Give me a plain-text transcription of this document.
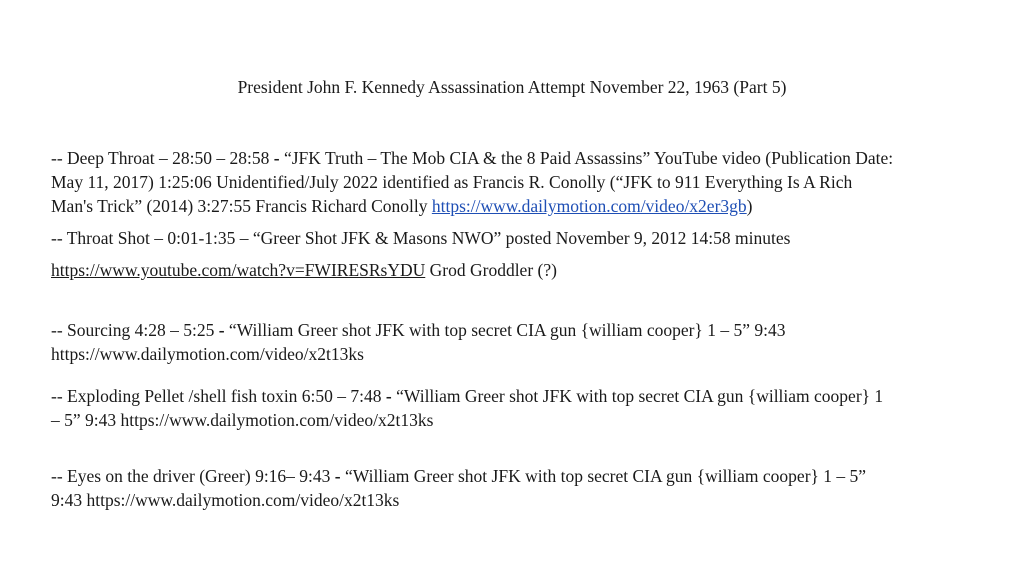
President John F. Kennedy Assassination Attempt November 22, 1963 (Part 5)
-- Deep Throat – 28:50 – 28:58 - “JFK Truth – The Mob CIA & the 8 Paid Assassins” YouTube video (Publication Date:
May 11, 2017) 1:25:06 Unidentified/July 2022 identified as Francis R. Conolly (“JFK to 911 Everything Is A Rich
Man's Trick” (2014) 3:27:55 Francis Richard Conolly https://www.dailymotion.com/video/x2er3gb)
-- Throat Shot – 0:01-1:35 – “Greer Shot JFK & Masons NWO” posted November 9, 2012 14:58 minutes
https://www.youtube.com/watch?v=FWIRESRsYDU Grod Groddler (?)
-- Sourcing 4:28 – 5:25 - “William Greer shot JFK with top secret CIA gun {william cooper} 1 – 5” 9:43
https://www.dailymotion.com/video/x2t13ks
-- Exploding Pellet /shell fish toxin 6:50 – 7:48 - “William Greer shot JFK with top secret CIA gun {william cooper} 1
– 5” 9:43 https://www.dailymotion.com/video/x2t13ks
-- Eyes on the driver (Greer) 9:16– 9:43 - “William Greer shot JFK with top secret CIA gun {william cooper} 1 – 5”
9:43 https://www.dailymotion.com/video/x2t13ks
